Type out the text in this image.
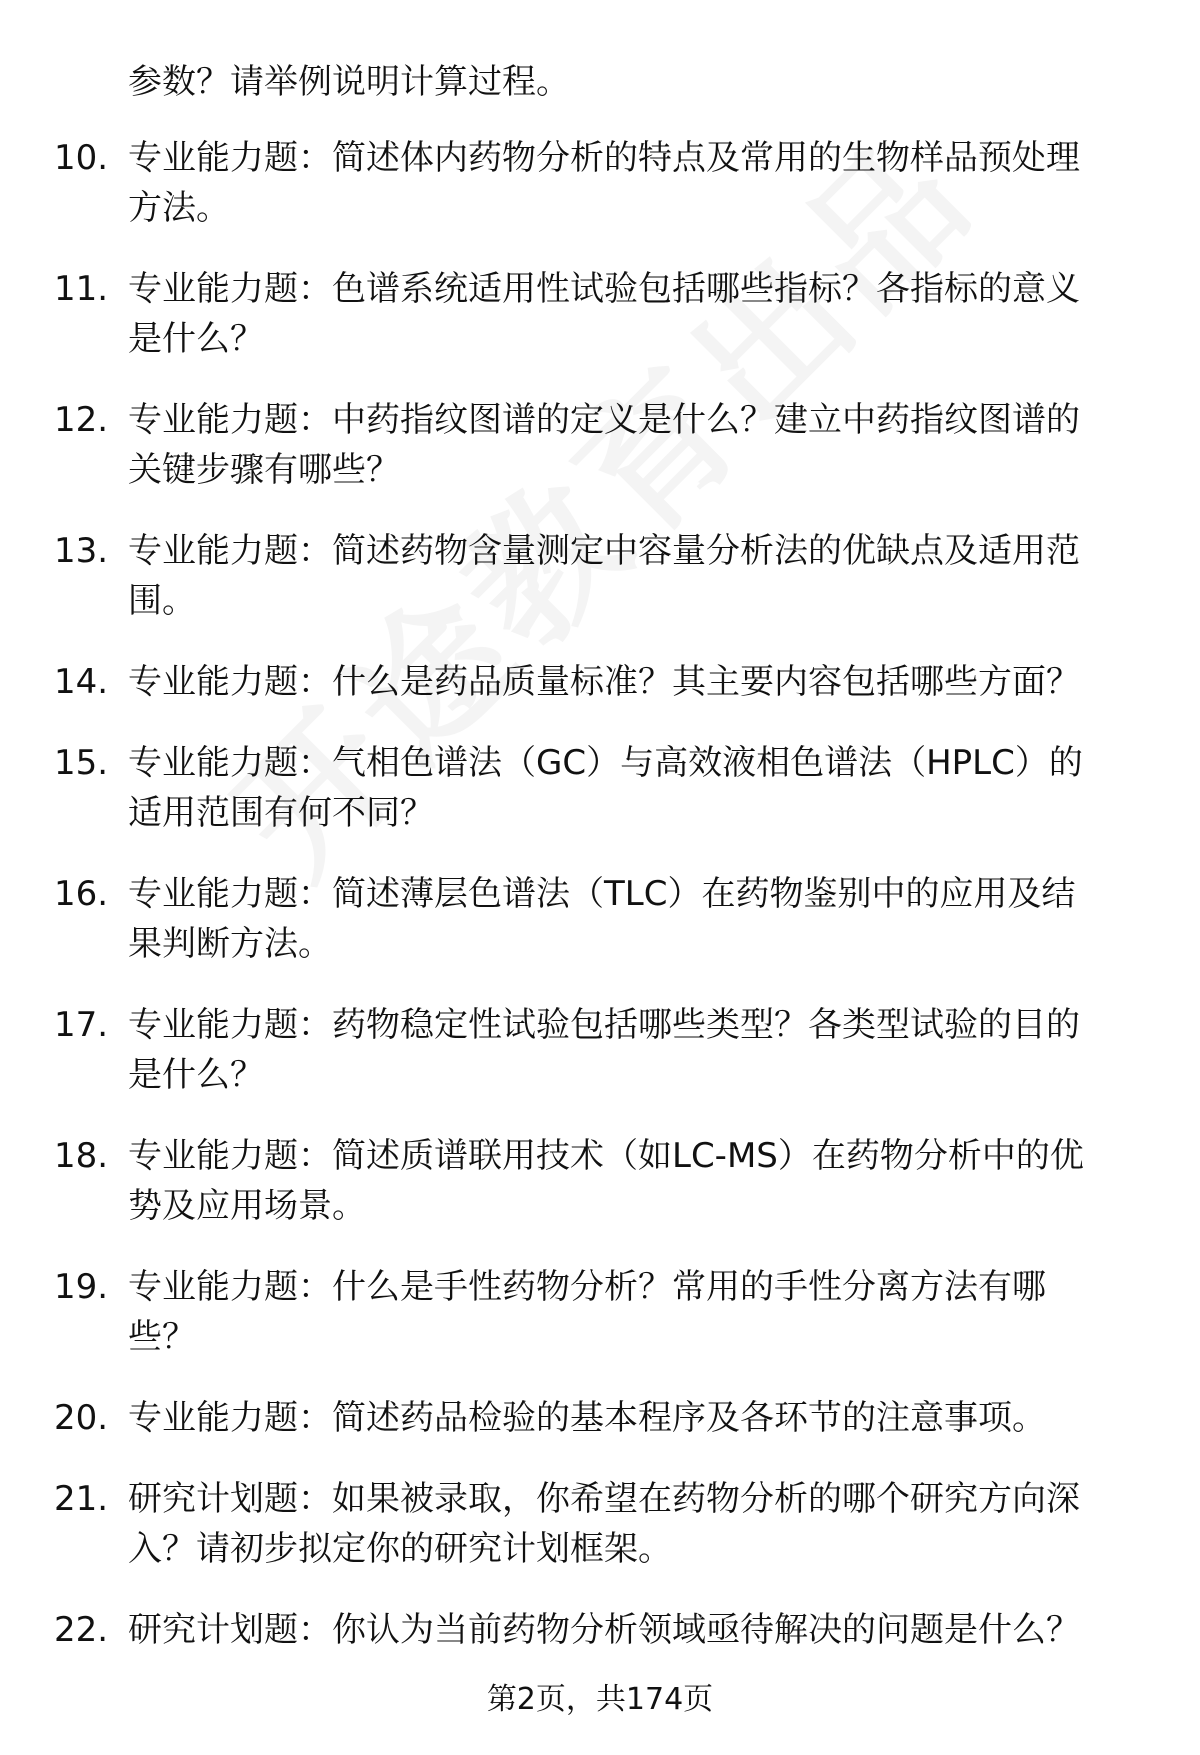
参数？请举例说明计算过程。

10. 专业能力题：简述体内药物分析的特点及常用的生物样品预处理
方法。
11. 专业能力题：色谱系统适用性试验包括哪些指标？各指标的意义
是什么？
12. 专业能力题：中药指纹图谱的定义是什么？建立中药指纹图谱的
关键步骤有哪些？
13. 专业能力题：简述药物含量测定中容量分析法的优缺点及适用范
围。
14. 专业能力题：什么是药品质量标准？其主要内容包括哪些方面？
15. 专业能力题：气相色谱法（GC）与高效液相色谱法（HPLC）的
适用范围有何不同？
16. 专业能力题：简述薄层色谱法（TLC）在药物鉴别中的应用及结
果判断方法。
17. 专业能力题：药物稳定性试验包括哪些类型？各类型试验的目的
是什么？
18. 专业能力题：简述质谱联用技术（如LC-MS）在药物分析中的优
势及应用场景。
19. 专业能力题：什么是手性药物分析？常用的手性分离方法有哪
些？
20. 专业能力题：简述药品检验的基本程序及各环节的注意事项。
21. 研究计划题：如果被录取，你希望在药物分析的哪个研究方向深
入？请初步拟定你的研究计划框架。
22. 研究计划题：你认为当前药物分析领域亟待解决的问题是什么？
第2页，共174页
